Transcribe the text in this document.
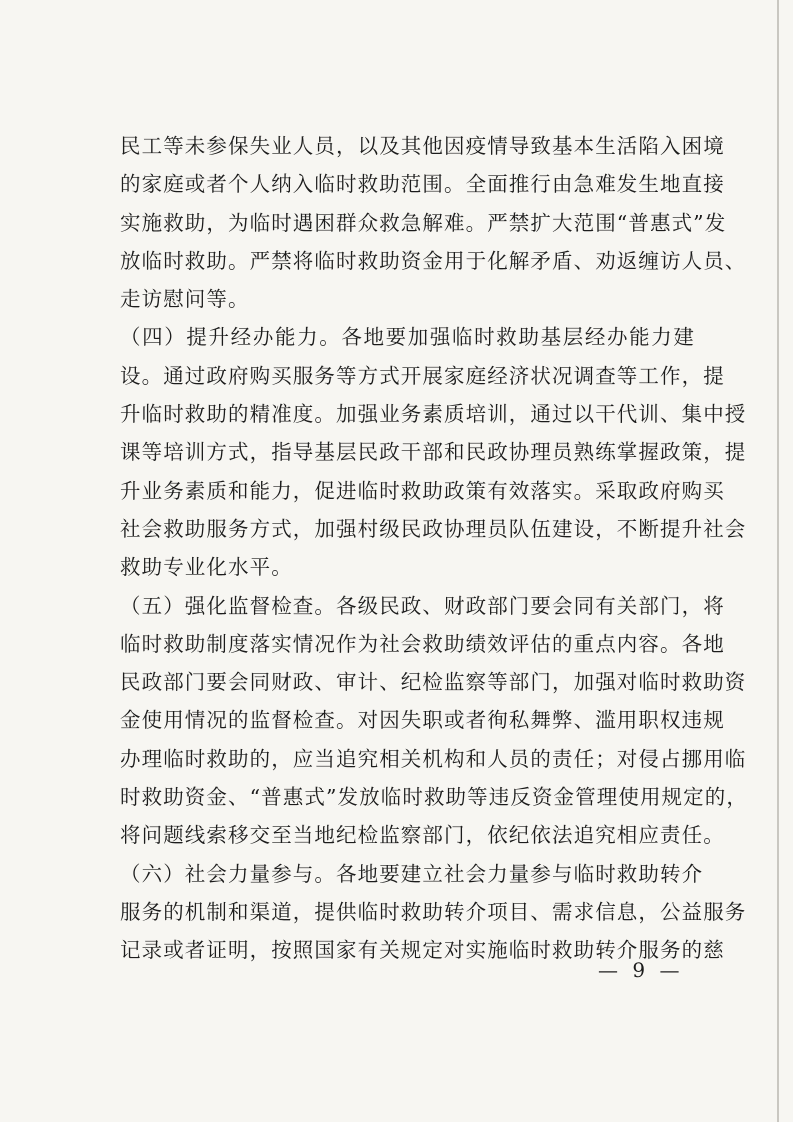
民工等未参保失业人员，以及其他因疫情导致基本生活陷入困境
的家庭或者个人纳入临时救助范围。全面推行由急难发生地直接
实施救助，为临时遇困群众救急解难。严禁扩大范围“普惠式”发
放临时救助。严禁将临时救助资金用于化解矛盾、劝返缠访人员、
走访慰问等。
（四）提升经办能力。各地要加强临时救助基层经办能力建
设。通过政府购买服务等方式开展家庭经济状况调查等工作，提
升临时救助的精准度。加强业务素质培训，通过以干代训、集中授
课等培训方式，指导基层民政干部和民政协理员熟练掌握政策，提
升业务素质和能力，促进临时救助政策有效落实。采取政府购买
社会救助服务方式，加强村级民政协理员队伍建设，不断提升社会
救助专业化水平。
（五）强化监督检查。各级民政、财政部门要会同有关部门，将
临时救助制度落实情况作为社会救助绩效评估的重点内容。各地
民政部门要会同财政、审计、纪检监察等部门，加强对临时救助资
金使用情况的监督检查。对因失职或者徇私舞弊、滥用职权违规
办理临时救助的，应当追究相关机构和人员的责任；对侵占挪用临
时救助资金、“普惠式”发放临时救助等违反资金管理使用规定的，
将问题线索移交至当地纪检监察部门，依纪依法追究相应责任。
（六）社会力量参与。各地要建立社会力量参与临时救助转介
服务的机制和渠道，提供临时救助转介项目、需求信息，公益服务
记录或者证明，按照国家有关规定对实施临时救助转介服务的慈
— 9 —
